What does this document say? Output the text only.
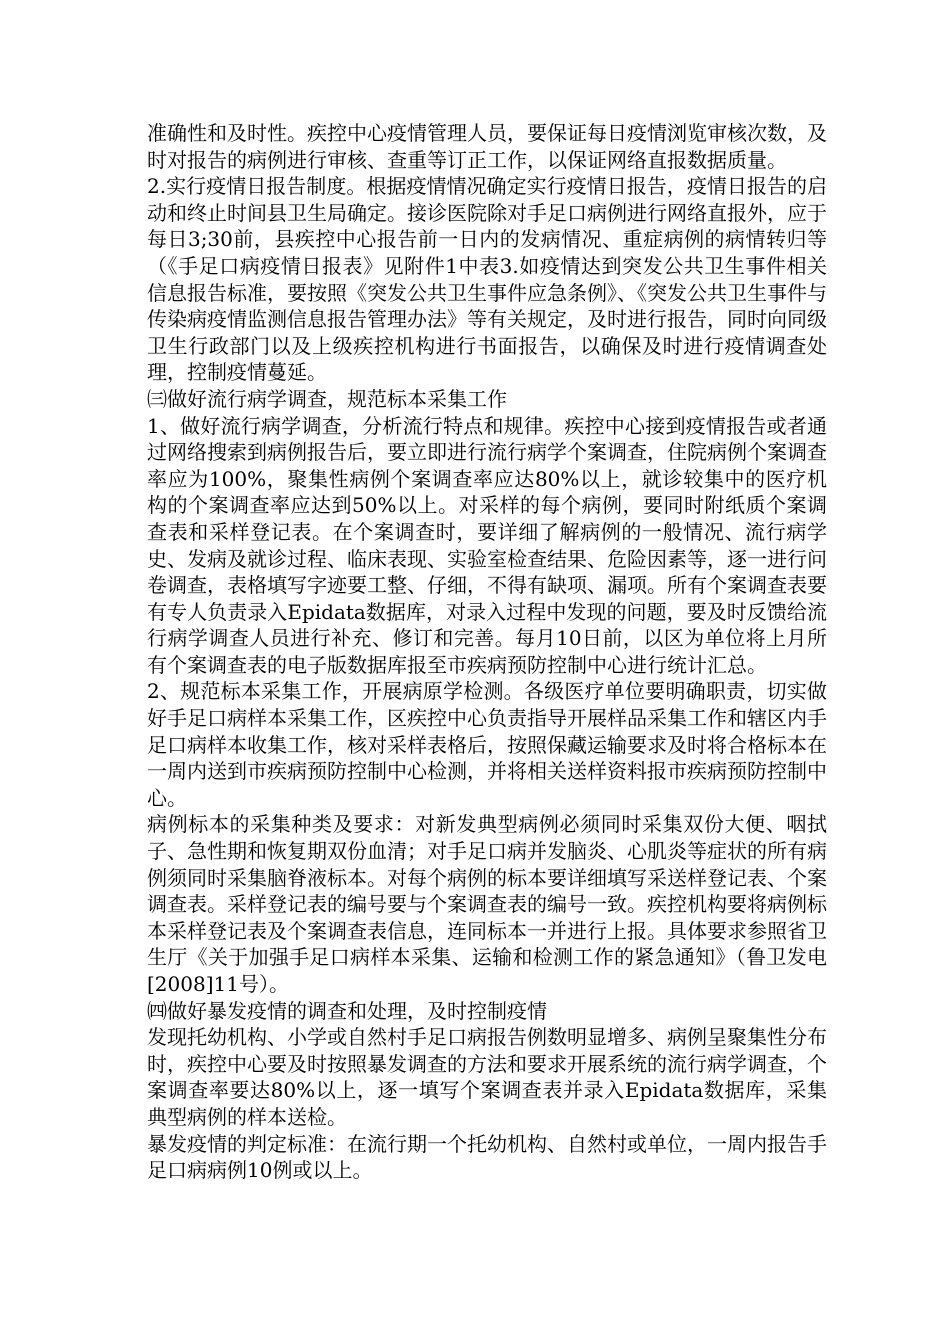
准确性和及时性。疾控中心疫情管理人员，要保证每日疫情浏览审核次数，及时对报告的病例进行审核、查重等订正工作，以保证网络直报数据质量。

2.实行疫情日报告制度。根据疫情情况确定实行疫情日报告，疫情日报告的启动和终止时间县卫生局确定。接诊医院除对手足口病例进行网络直报外，应于每日3;30前，县疾控中心报告前一日内的发病情况、重症病例的病情转归等（《手足口病疫情日报表》见附件1中表3.如疫情达到突发公共卫生事件相关信息报告标准，要按照《突发公共卫生事件应急条例》、《突发公共卫生事件与传染病疫情监测信息报告管理办法》等有关规定，及时进行报告，同时向同级卫生行政部门以及上级疾控机构进行书面报告，以确保及时进行疫情调查处理，控制疫情蔓延。

㈢做好流行病学调查，规范标本采集工作

1、做好流行病学调查，分析流行特点和规律。疾控中心接到疫情报告或者通过网络搜索到病例报告后，要立即进行流行病学个案调查，住院病例个案调查率应为100%，聚集性病例个案调查率应达80%以上，就诊较集中的医疗机构的个案调查率应达到50%以上。对采样的每个病例，要同时附纸质个案调查表和采样登记表。在个案调查时，要详细了解病例的一般情况、流行病学史、发病及就诊过程、临床表现、实验室检查结果、危险因素等，逐一进行问卷调查，表格填写字迹要工整、仔细，不得有缺项、漏项。所有个案调查表要有专人负责录入Epidata数据库，对录入过程中发现的问题，要及时反馈给流行病学调查人员进行补充、修订和完善。每月10日前，以区为单位将上月所有个案调查表的电子版数据库报至市疾病预防控制中心进行统计汇总。

2、规范标本采集工作，开展病原学检测。各级医疗单位要明确职责，切实做好手足口病样本采集工作，区疾控中心负责指导开展样品采集工作和辖区内手足口病样本收集工作，核对采样表格后，按照保藏运输要求及时将合格标本在一周内送到市疾病预防控制中心检测，并将相关送样资料报市疾病预防控制中心。

病例标本的采集种类及要求：对新发典型病例必须同时采集双份大便、咽拭子、急性期和恢复期双份血清；对手足口病并发脑炎、心肌炎等症状的所有病例须同时采集脑脊液标本。对每个病例的标本要详细填写采送样登记表、个案调查表。采样登记表的编号要与个案调查表的编号一致。疾控机构要将病例标本采样登记表及个案调查表信息，连同标本一并进行上报。具体要求参照省卫生厅《关于加强手足口病样本采集、运输和检测工作的紧急通知》（鲁卫发电[2008]11号）。

㈣做好暴发疫情的调查和处理，及时控制疫情

发现托幼机构、小学或自然村手足口病报告例数明显增多、病例呈聚集性分布时，疾控中心要及时按照暴发调查的方法和要求开展系统的流行病学调查，个案调查率要达80%以上，逐一填写个案调查表并录入Epidata数据库，采集典型病例的样本送检。

暴发疫情的判定标准：在流行期一个托幼机构、自然村或单位，一周内报告手足口病病例10例或以上。
